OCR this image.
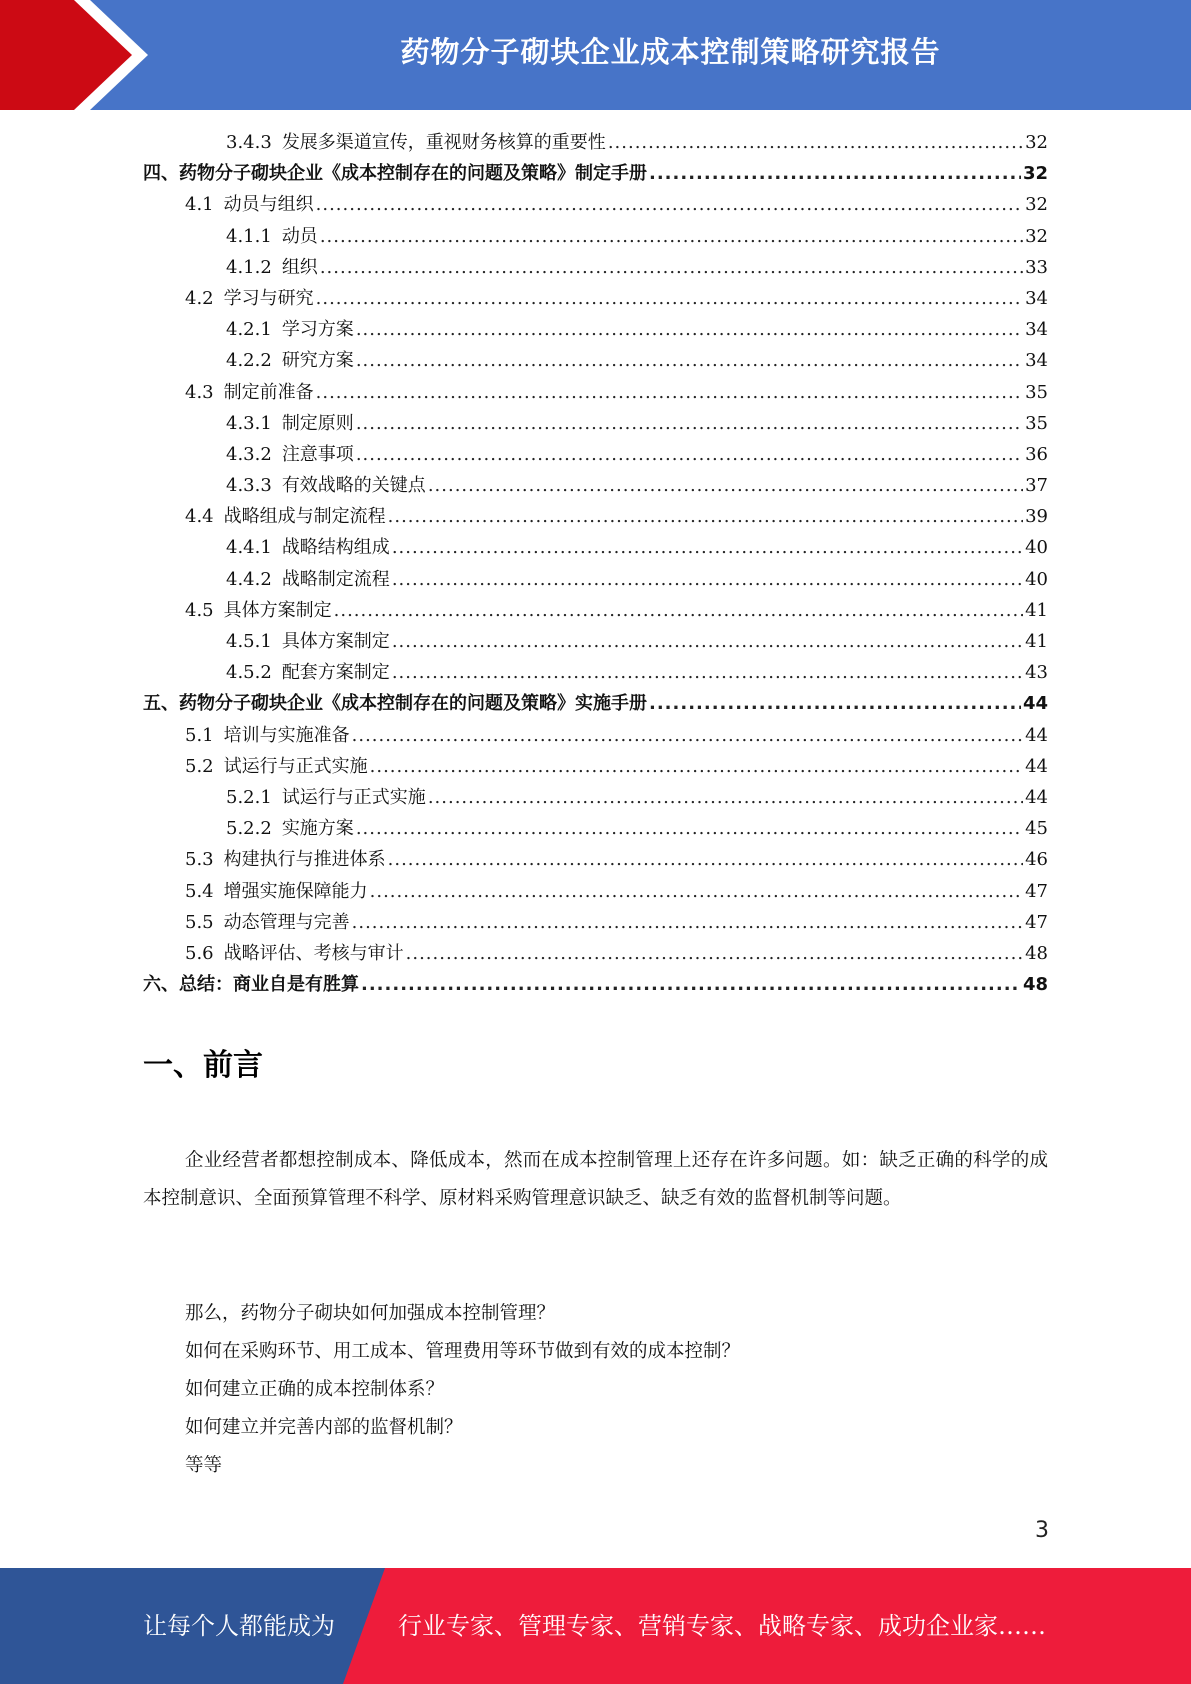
药物分子砌块企业成本控制策略研究报告
3.4.3 发展多渠道宣传，重视财务核算的重要性 .....	32
四、药物分子砌块企业《成本控制存在的问题及策略》制定手册 .....	32
4.1 动员与组织 .....	32
4.1.1 动员 .....	32
4.1.2 组织 .....	33
4.2 学习与研究 .....	34
4.2.1 学习方案 .....	34
4.2.2 研究方案 .....	34
4.3 制定前准备 .....	35
4.3.1 制定原则 .....	35
4.3.2 注意事项 .....	36
4.3.3 有效战略的关键点 .....	37
4.4 战略组成与制定流程 .....	39
4.4.1 战略结构组成 .....	40
4.4.2 战略制定流程 .....	40
4.5 具体方案制定 .....	41
4.5.1 具体方案制定 .....	41
4.5.2 配套方案制定 .....	43
五、药物分子砌块企业《成本控制存在的问题及策略》实施手册 .....	44
5.1 培训与实施准备 .....	44
5.2 试运行与正式实施 .....	44
5.2.1 试运行与正式实施 .....	44
5.2.2 实施方案 .....	45
5.3 构建执行与推进体系 .....	46
5.4 增强实施保障能力 .....	47
5.5 动态管理与完善 .....	47
5.6 战略评估、考核与审计 .....	48
六、总结：商业自是有胜算 .....	48
一、前言
企业经营者都想控制成本、降低成本，然而在成本控制管理上还存在许多问题。如：缺乏正确的科学的成本控制意识、全面预算管理不科学、原材料采购管理意识缺乏、缺乏有效的监督机制等问题。
那么，药物分子砌块如何加强成本控制管理？
如何在采购环节、用工成本、管理费用等环节做到有效的成本控制？
如何建立正确的成本控制体系？
如何建立并完善内部的监督机制？
等等
3
让每个人都能成为	行业专家、管理专家、营销专家、战略专家、成功企业家……
